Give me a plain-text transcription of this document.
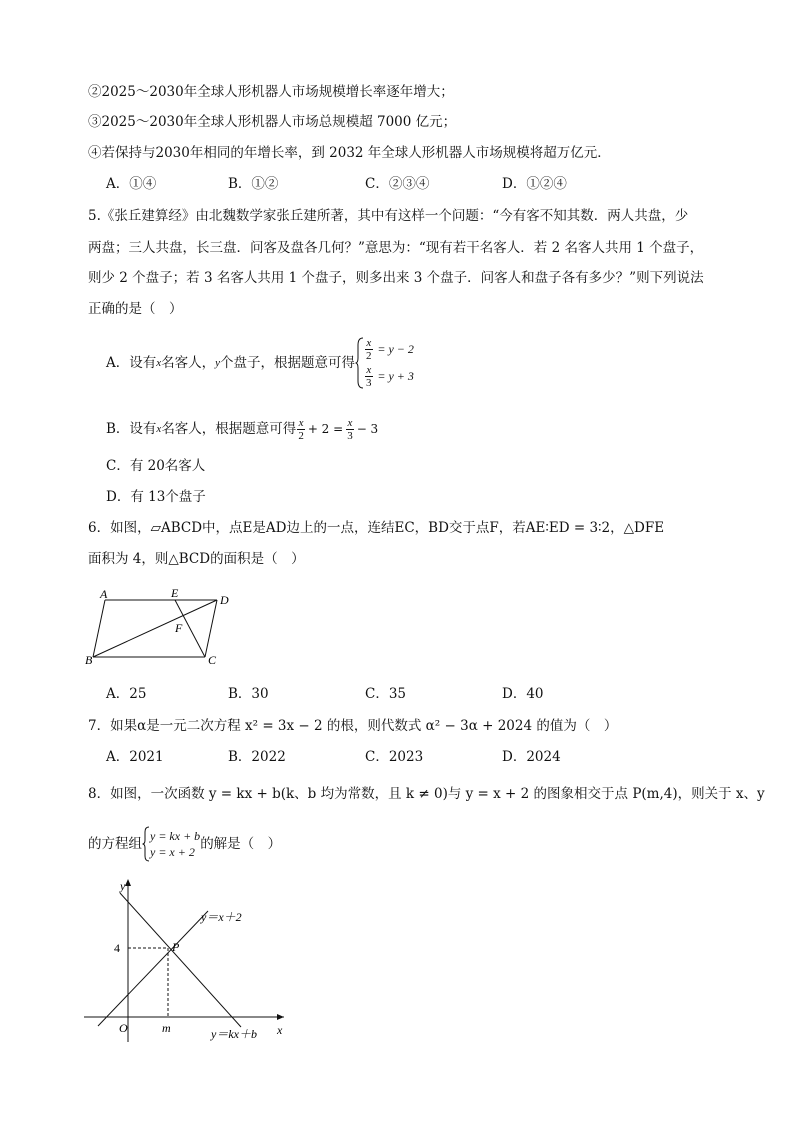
②2025～2030年全球人形机器人市场规模增长率逐年增大；
③2025～2030年全球人形机器人市场总规模超 7000 亿元；
④若保持与2030年相同的年增长率，到 2032 年全球人形机器人市场规模将超万亿元．
A．①④	B．①②	C．②③④	D．①②④
5.《张丘建算经》由北魏数学家张丘建所著，其中有这样一个问题：“今有客不知其数．两人共盘，少
两盘；三人共盘，长三盘．问客及盘各几何？”意思为：“现有若干名客人．若 2 名客人共用 1 个盘子，
则少 2 个盘子；若 3 名客人共用 1 个盘子，则多出来 3 个盘子．问客人和盘子各有多少？”则下列说法
正确的是（　）
A．设有 x 名客人， y 个盘子，根据题意可得
$\frac{x}{2} = y - 2$
$\frac{x}{3} = y + 3$
B．设有 x 名客人，根据题意可得 $\frac{x}{2} + 2 = \frac{x}{3} - 3$
C．有 20名客人
D．有 13个盘子
6．如图，▱ABCD中，点E是AD边上的一点，连结EC，BD交于点F，若AE∶ED = 3∶2，△DFE
面积为 4，则△BCD的面积是（　）
A	E	D
F
B	C
A．25	B．30	C．35	D．40
7．如果α是一元二次方程 x² = 3x − 2 的根，则代数式 α² − 3α + 2024 的值为（　）
A．2021	B．2022	C．2023	D．2024
8．如图，一次函数 y = kx + b(k、b 均为常数，且 k ≠ 0)与 y = x + 2 的图象相交于点 P(m,4)，则关于 x、y
的方程组 y = kx + b
y = x + 2 的解是（　）
y
x
O
P
4
m
y＝x＋2
y＝kx＋b
